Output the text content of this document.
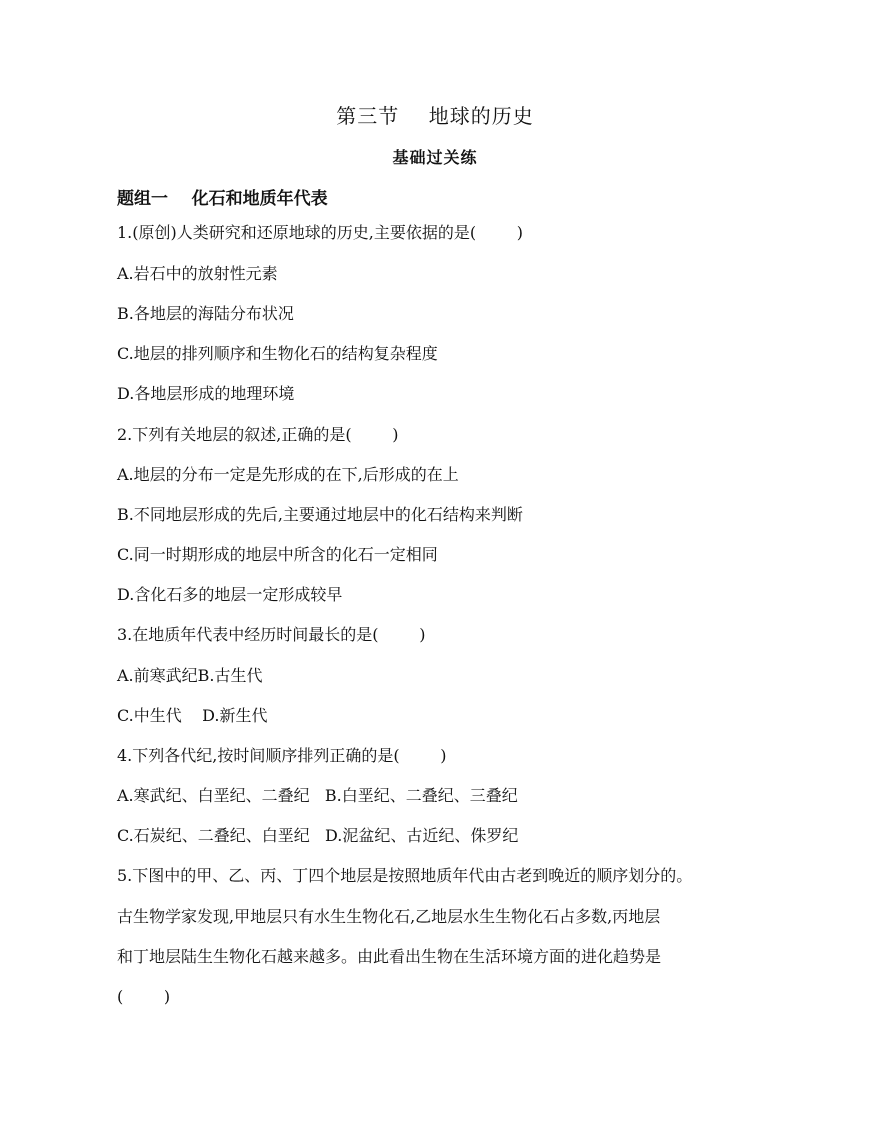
第三节    地球的历史
基础过关练
题组一    化石和地质年代表
1.(原创)人类研究和还原地球的历史,主要依据的是(        )
A.岩石中的放射性元素
B.各地层的海陆分布状况
C.地层的排列顺序和生物化石的结构复杂程度
D.各地层形成的地理环境
2.下列有关地层的叙述,正确的是(        )
A.地层的分布一定是先形成的在下,后形成的在上
B.不同地层形成的先后,主要通过地层中的化石结构来判断
C.同一时期形成的地层中所含的化石一定相同
D.含化石多的地层一定形成较早
3.在地质年代表中经历时间最长的是(        )
A.前寒武纪B.古生代
C.中生代    D.新生代
4.下列各代纪,按时间顺序排列正确的是(        )
A.寒武纪、白垩纪、二叠纪   B.白垩纪、二叠纪、三叠纪
C.石炭纪、二叠纪、白垩纪   D.泥盆纪、古近纪、侏罗纪
5.下图中的甲、乙、丙、丁四个地层是按照地质年代由古老到晚近的顺序划分的。
古生物学家发现,甲地层只有水生生物化石,乙地层水生生物化石占多数,丙地层
和丁地层陆生生物化石越来越多。由此看出生物在生活环境方面的进化趋势是
(        )
